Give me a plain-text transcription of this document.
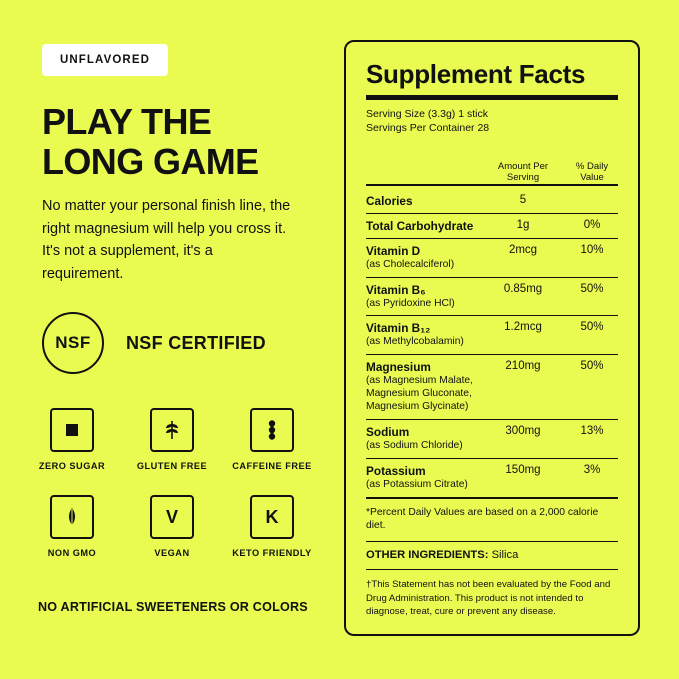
UNFLAVORED
PLAY THE
LONG GAME
No matter your personal finish line, the right magnesium will help you cross it. It's not a supplement, it's a requirement.
NSF	NSF CERTIFIED
ZERO SUGAR	GLUTEN FREE	CAFFEINE FREE
NON GMO
V
VEGAN
K
KETO FRIENDLY
NO ARTIFICIAL SWEETENERS OR COLORS
Supplement Facts
Serving Size (3.3g) 1 stick
Servings Per Container 28
Amount Per
Serving
% Daily
Value
Calories	5	
Total Carbohydrate	1g	0%
Vitamin D
(as Cholecalciferol)	2mcg	10%
Vitamin B₆
(as Pyridoxine HCl)	0.85mg	50%
Vitamin B₁₂
(as Methylcobalamin)	1.2mcg	50%
Magnesium
(as Magnesium Malate, Magnesium Gluconate, Magnesium Glycinate)	210mg	50%
Sodium
(as Sodium Chloride)	300mg	13%
Potassium
(as Potassium Citrate)	150mg	3%
*Percent Daily Values are based on a 2,000 calorie diet.
OTHER INGREDIENTS: Silica
†This Statement has not been evaluated by the Food and Drug Administration. This product is not intended to diagnose, treat, cure or prevent any disease.
